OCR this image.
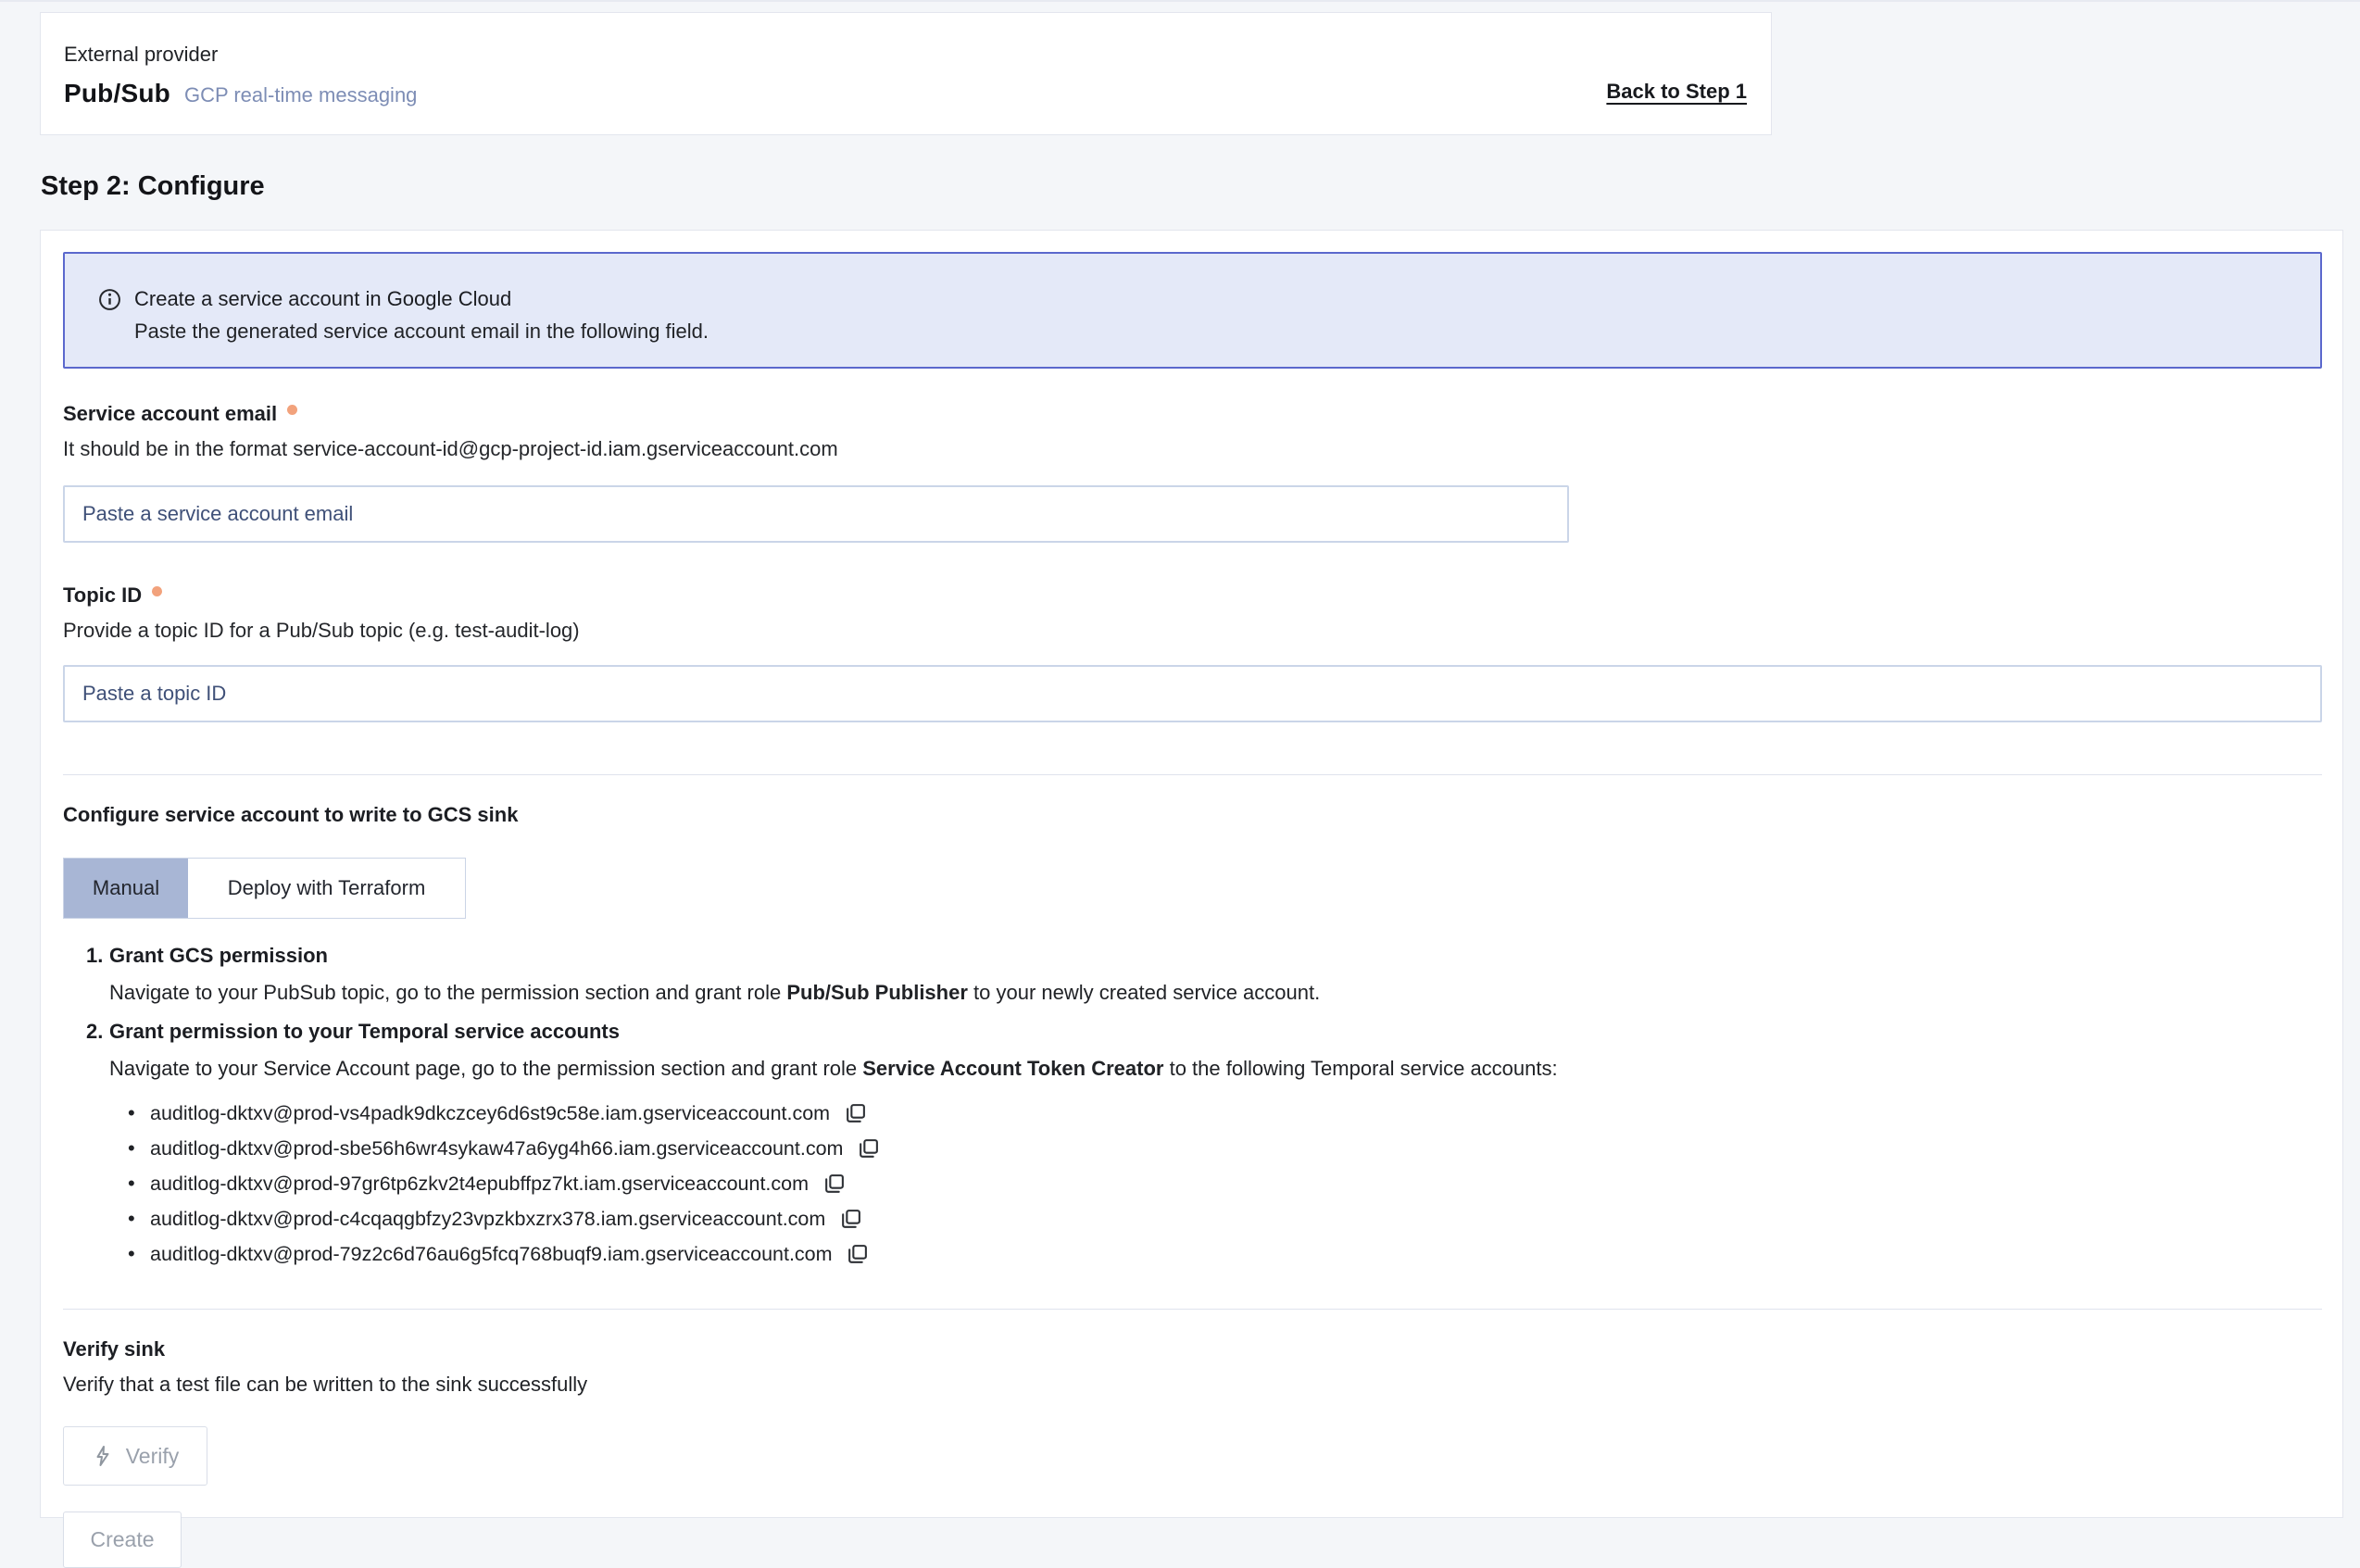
External provider
Pub/Sub GCP real-time messaging	Back to Step 1
Step 2: Configure
Create a service account in Google Cloud
Paste the generated service account email in the following field.
Service account email
It should be in the format service-account-id@gcp-project-id.iam.gserviceaccount.com
Paste a service account email
Topic ID
Provide a topic ID for a Pub/Sub topic (e.g. test-audit-log)
Paste a topic ID
Configure service account to write to GCS sink
Manual	Deploy with Terraform
1. Grant GCS permission
Navigate to your PubSub topic, go to the permission section and grant role Pub/Sub Publisher to your newly created service account.
2. Grant permission to your Temporal service accounts
Navigate to your Service Account page, go to the permission section and grant role Service Account Token Creator to the following Temporal service accounts:
• auditlog-dktxv@prod-vs4padk9dkczcey6d6st9c58e.iam.gserviceaccount.com
• auditlog-dktxv@prod-sbe56h6wr4sykaw47a6yg4h66.iam.gserviceaccount.com
• auditlog-dktxv@prod-97gr6tp6zkv2t4epubffpz7kt.iam.gserviceaccount.com
• auditlog-dktxv@prod-c4cqaqgbfzy23vpzkbxzrx378.iam.gserviceaccount.com
• auditlog-dktxv@prod-79z2c6d76au6g5fcq768buqf9.iam.gserviceaccount.com
Verify sink
Verify that a test file can be written to the sink successfully
Verify
Create
